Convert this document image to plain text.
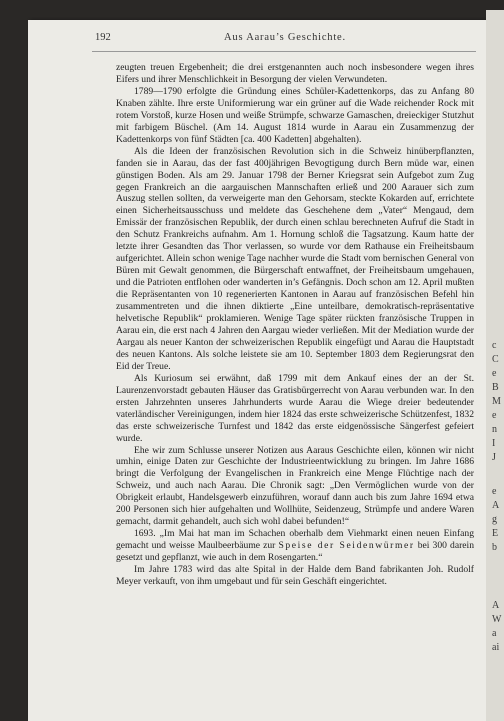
c
C
e
B
M
e
n
I
J
e
A
g
E
b
A
W
a
ai
192	Aus Aarau’s Geschichte.

zeugten treuen Ergebenheit; die drei erstgenannten auch noch insbesondere wegen ihres Eifers und ihrer Menschlichkeit in Besorgung der vielen Verwundeten.

1789—1790 erfolgte die Gründung eines Schüler-Kadettenkorps, das zu Anfang 80 Knaben zählte. Ihre erste Uniformierung war ein grüner auf die Wade reichender Rock mit rotem Vorstoß, kurze Hosen und weiße Strümpfe, schwarze Gamaschen, dreieckiger Stutzhut mit farbigem Büschel. (Am 14. August 1814 wurde in Aarau ein Zusammenzug der Kadettenkorps von fünf Städten [ca. 400 Kadetten] abgehalten).

Als die Ideen der französischen Revolution sich in die Schweiz hinüberpflanzten, fanden sie in Aarau, das der fast 400jährigen Bevogtigung durch Bern müde war, einen günstigen Boden. Als am 29. Januar 1798 der Berner Kriegsrat sein Aufgebot zum Zug gegen Frankreich an die aargauischen Mannschaften erließ und 200 Aarauer sich zum Auszug stellen sollten, da verweigerte man den Gehorsam, steckte Kokarden auf, errichtete einen Sicherheitsausschuss und meldete das Geschehene dem „Vater“ Mengaud, dem Emissär der französischen Republik, der durch einen schlau berechneten Aufruf die Stadt in den Schutz Frankreichs aufnahm. Am 1. Hornung schloß die Tagsatzung. Kaum hatte der letzte ihrer Gesandten das Thor verlassen, so wurde vor dem Rathause ein Freiheitsbaum aufgerichtet. Allein schon wenige Tage nachher wurde die Stadt vom bernischen General von Büren mit Gewalt genommen, die Bürgerschaft entwaffnet, der Freiheitsbaum umgehauen, und die Patrioten entflohen oder wanderten in’s Gefängnis. Doch schon am 12. April mußten die Repräsentanten von 10 regenerierten Kantonen in Aarau auf französischen Befehl hin zusammentreten und die ihnen diktierte „Eine unteilbare, demokratisch-repräsentative helvetische Republik“ proklamieren. Wenige Tage später rückten französische Truppen in Aarau ein, die erst nach 4 Jahren den Aargau wieder verließen. Mit der Mediation wurde der Aargau als neuer Kanton der schweizerischen Republik eingefügt und Aarau die Hauptstadt des neuen Kantons. Als solche leistete sie am 10. September 1803 dem Regierungsrat den Eid der Treue.

Als Kuriosum sei erwähnt, daß 1799 mit dem Ankauf eines der an der St. Laurenzenvorstadt gebauten Häuser das Gratisbürgerrecht von Aarau verbunden war. In den ersten Jahrzehnten unseres Jahrhunderts wurde Aarau die Wiege dreier bedeutender vaterländischer Vereinigungen, indem hier 1824 das erste schweizerische Schützenfest, 1832 das erste schweizerische Turnfest und 1842 das erste eidgenössische Sängerfest gefeiert wurde.

Ehe wir zum Schlusse unserer Notizen aus Aaraus Geschichte eilen, können wir nicht umhin, einige Daten zur Geschichte der Industrieentwicklung zu bringen. Im Jahre 1686 bringt die Verfolgung der Evangelischen in Frankreich eine Menge Flüchtige nach der Schweiz, und auch nach Aarau. Die Chronik sagt: „Den Vermöglichen wurde von der Obrigkeit erlaubt, Handelsgewerb einzuführen, worauf dann auch bis zum Jahre 1694 etwa 200 Personen sich hier aufgehalten und Wollhüte, Seidenzeug, Strümpfe und andere Waren gemacht, darmit gehandelt, auch sich wohl dabei befunden!“

1693. „Im Mai hat man im Schachen oberhalb dem Viehmarkt einen neuen Einfang gemacht und weisse Maulbeerbäume zur Speise der Seidenwürmer bei 300 darein gesetzt und gepflanzt, wie auch in dem Rosengarten.“

Im Jahre 1783 wird das alte Spital in der Halde dem Band fabrikanten Joh. Rudolf Meyer verkauft, von ihm umgebaut und für sein Geschäft eingerichtet.
